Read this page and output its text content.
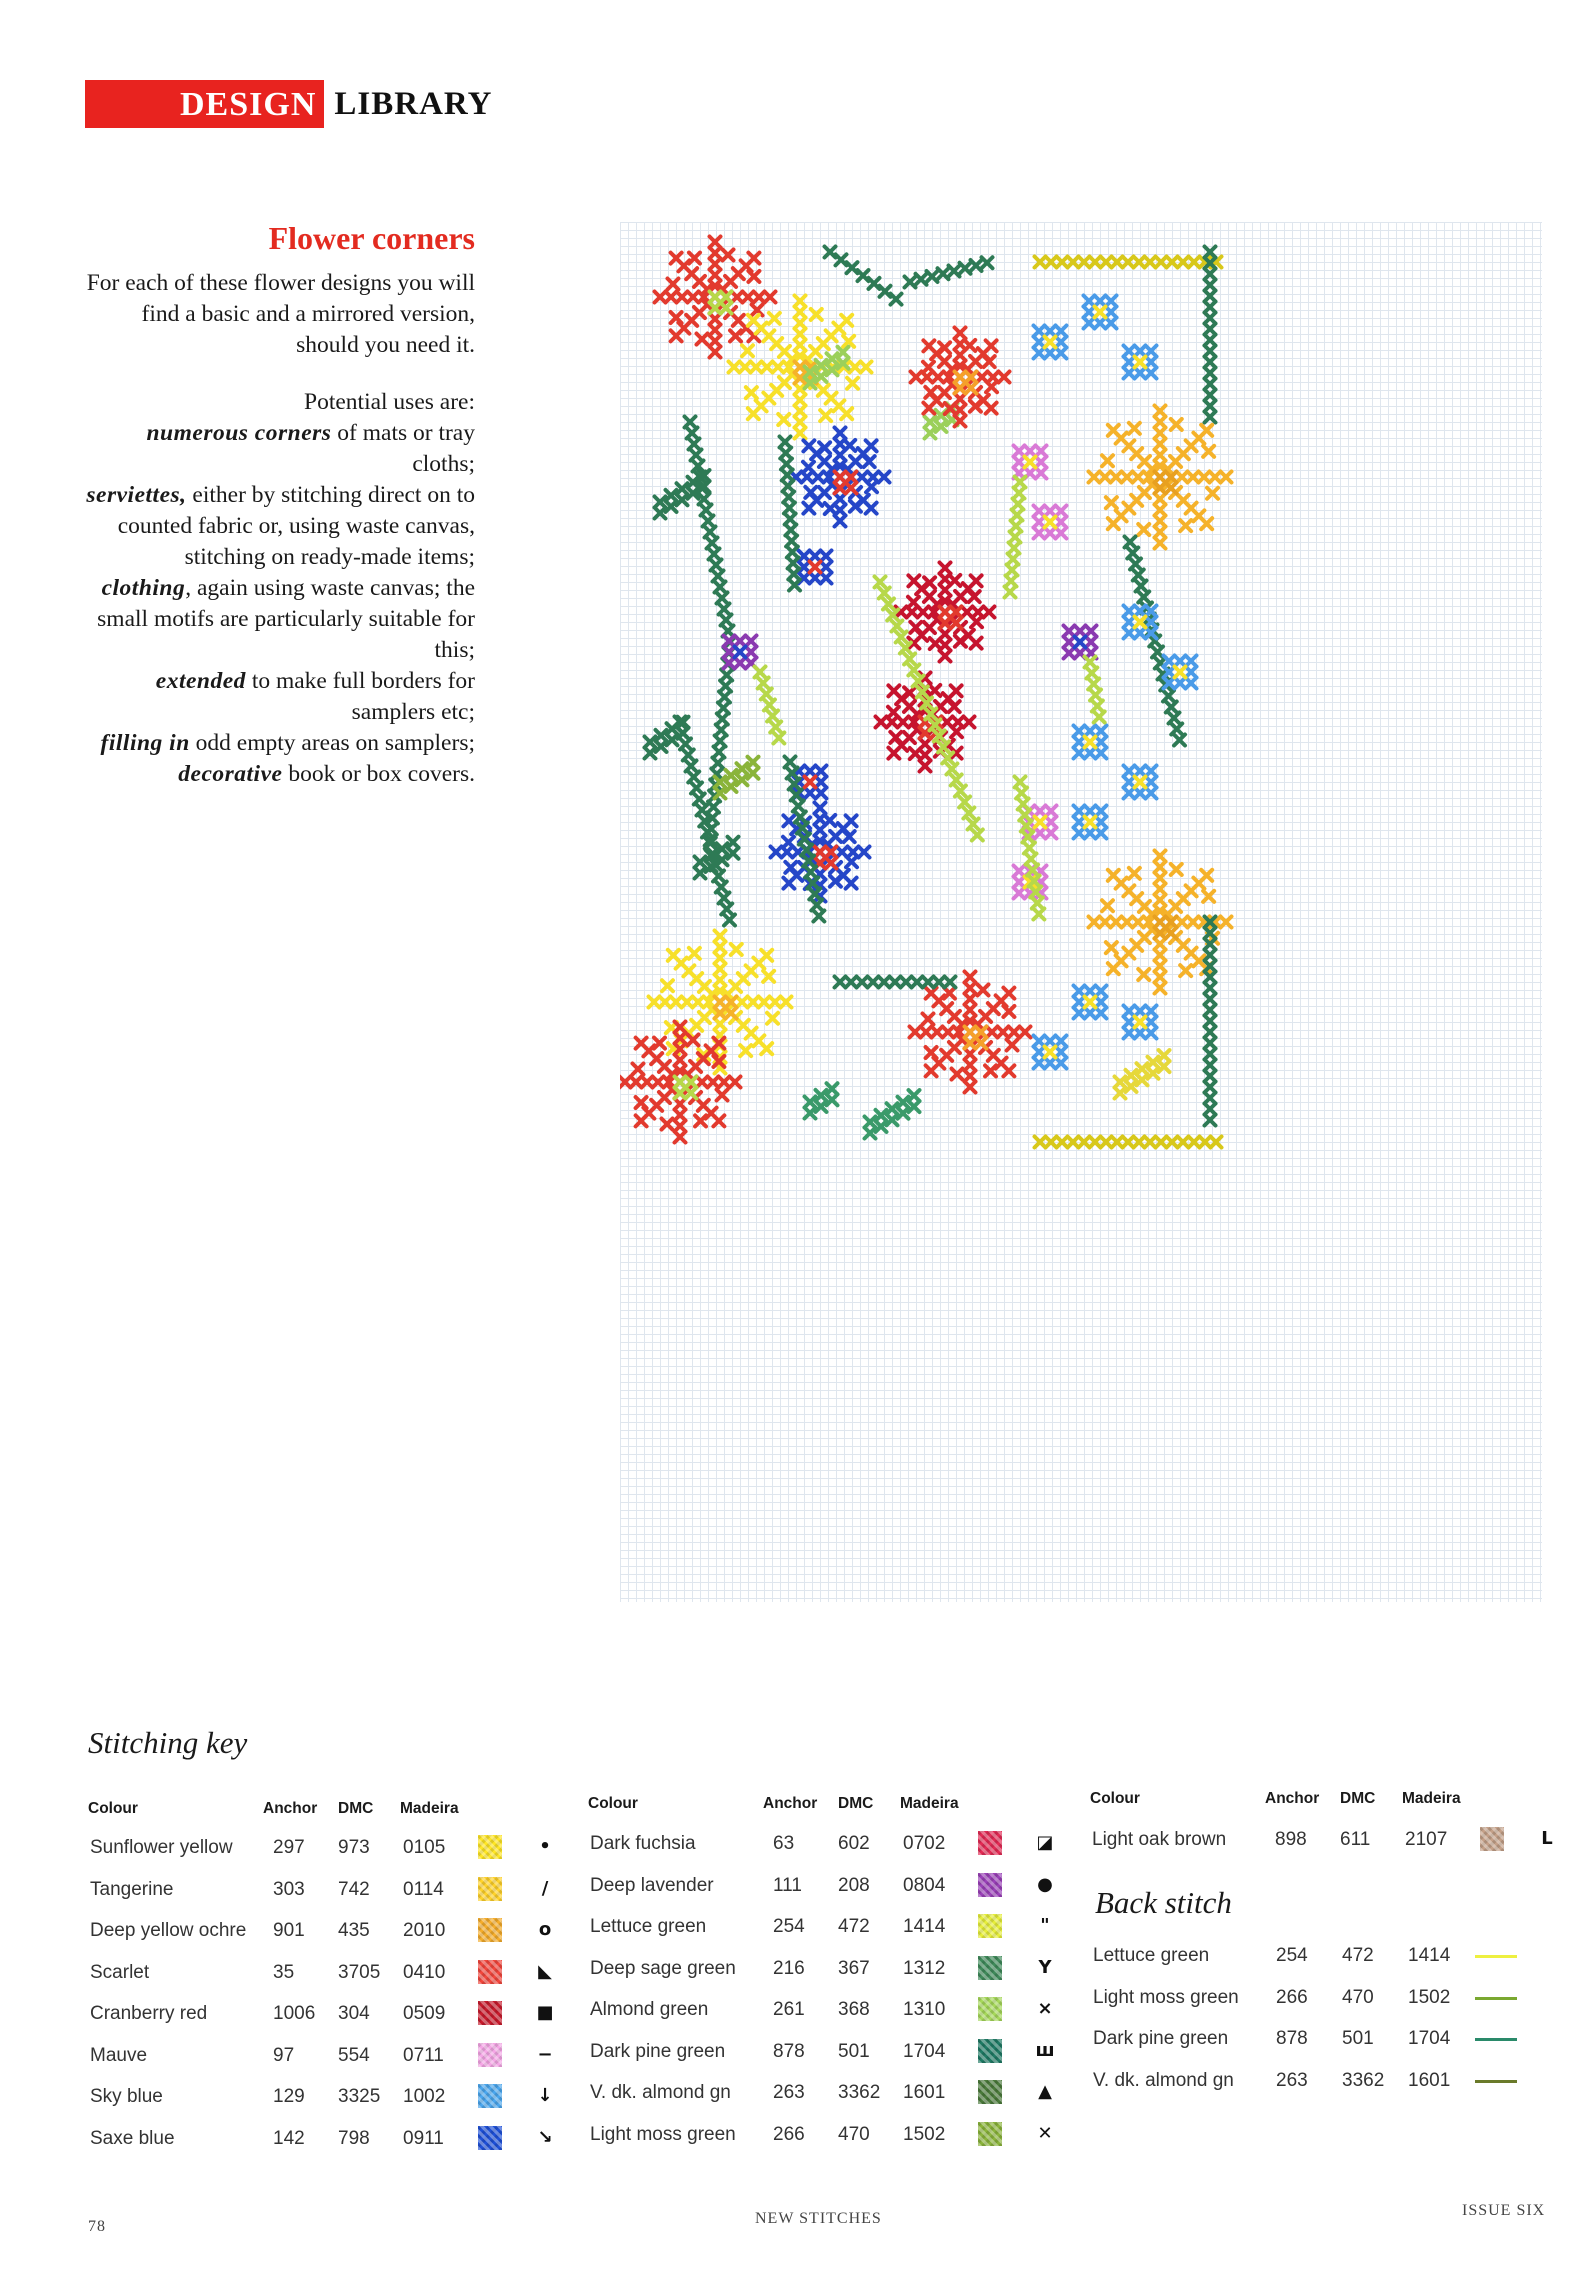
DESIGN LIBRARY
Flower corners

For each of these flower designs you will find a basic and a mirrored version, should you need it.

Potential uses are:

numerous corners of mats or tray cloths;

serviettes, either by stitching direct on to counted fabric or, using waste canvas, stitching on ready-made items;

clothing, again using waste canvas; the small motifs are particularly suitable for this;

extended to make full borders for samplers etc;

filling in odd empty areas on samplers;

decorative book or box covers.

Stitching key
Colour	Anchor DMC Madeira
Sunflower yellow 297 973 0105	•
Tangerine	303 742 0114	/
Deep yellow ochre 901 435 2010	o
Scarlet	35 3705 0410	◣
Cranberry red	1006 304 0509	■
Mauve	97 554 0711	−
Sky blue	129 3325 1002	↓
Saxe blue	142 798 0911	↘
Colour	Anchor DMC Madeira
Dark fuchsia	63 602 0702	◪
Deep lavender	111 208 0804	●
Lettuce green	254 472 1414	"
Deep sage green 216 367 1312	Y
Almond green	261 368 1310	×
Dark pine green	878 501 1704	ш
V. dk. almond gn 263 3362 1601	▲
Light moss green 266 470 1502	✕
Colour	Anchor DMC Madeira
Light oak brown	898 611 2107	L
Lettuce green	254 472 1414
Light moss green 266 470 1502
Dark pine green	878 501 1704
V. dk. almond gn 263 3362 1601
Back stitch
78	NEW STITCHES	ISSUE SIX
